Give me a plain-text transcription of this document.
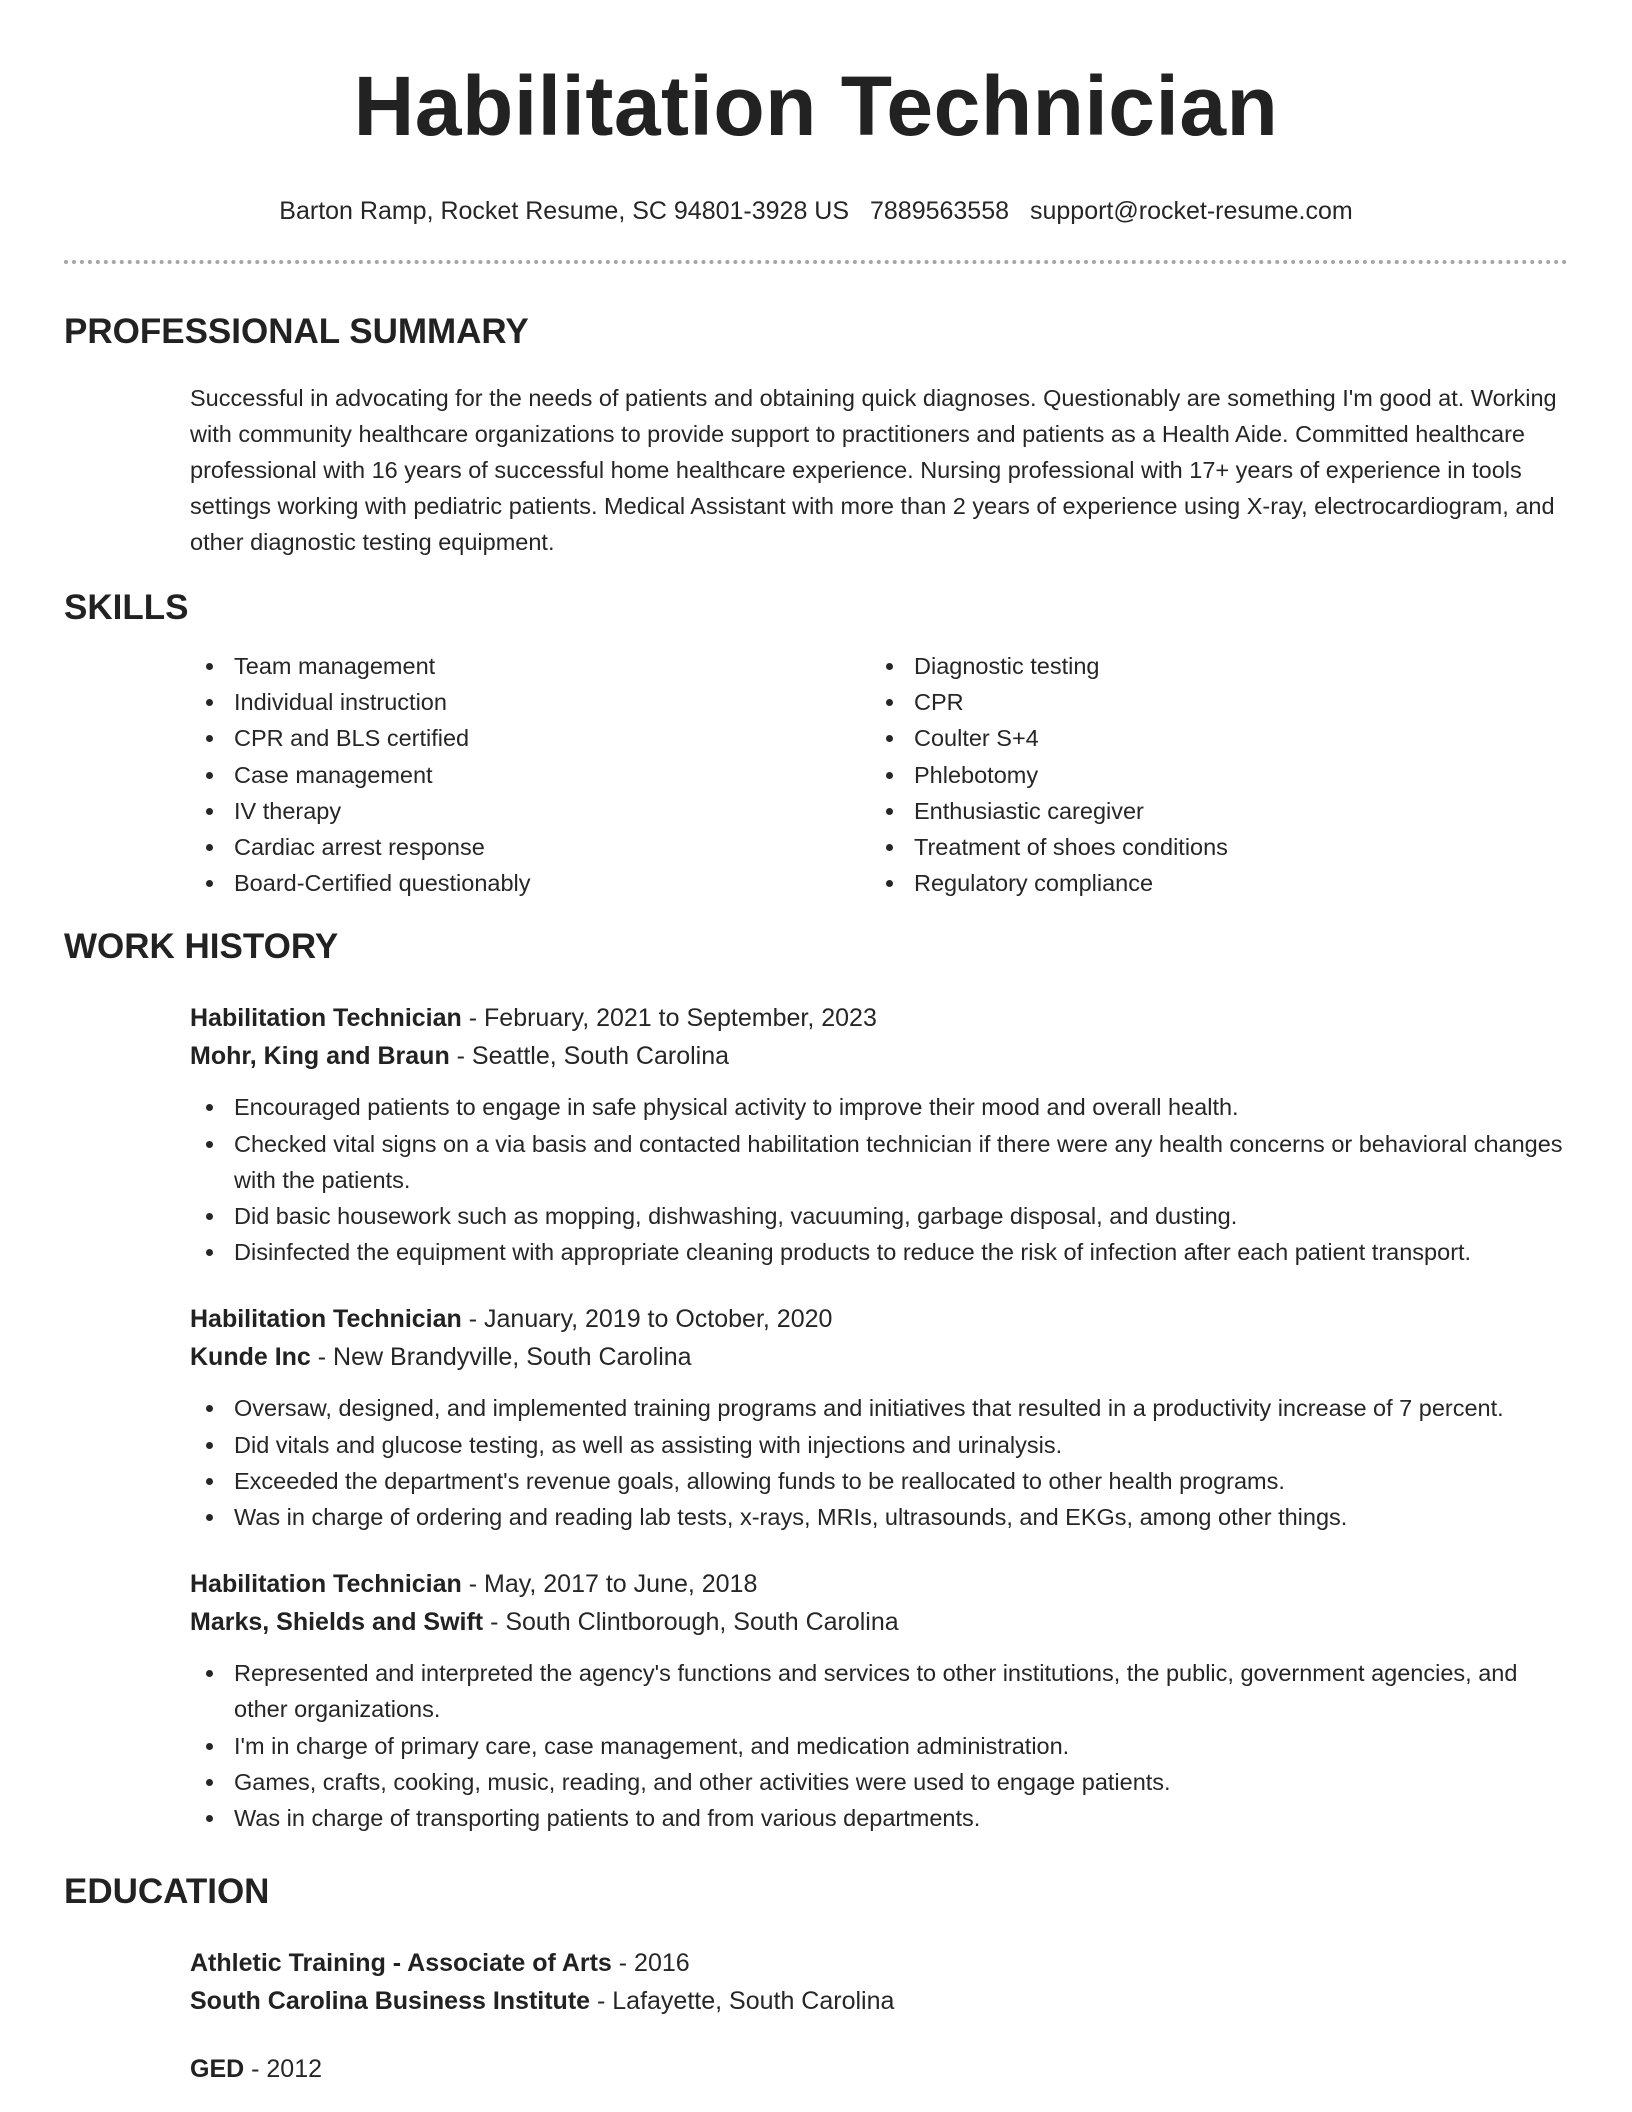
Habilitation Technician
Barton Ramp, Rocket Resume, SC 94801-3928 US 7889563558 support@rocket-resume.com
PROFESSIONAL SUMMARY

Successful in advocating for the needs of patients and obtaining quick diagnoses. Questionably are something I'm good at. Working with community healthcare organizations to provide support to practitioners and patients as a Health Aide. Committed healthcare professional with 16 years of successful home healthcare experience. Nursing professional with 17+ years of experience in tools settings working with pediatric patients. Medical Assistant with more than 2 years of experience using X-ray, electrocardiogram, and other diagnostic testing equipment.

SKILLS
Team management
Individual instruction
CPR and BLS certified
Case management
IV therapy
Cardiac arrest response
Board-Certified questionably
Diagnostic testing
CPR
Coulter S+4
Phlebotomy
Enthusiastic caregiver
Treatment of shoes conditions
Regulatory compliance
WORK HISTORY
Habilitation Technician - February, 2021 to September, 2023
Mohr, King and Braun - Seattle, South Carolina
Encouraged patients to engage in safe physical activity to improve their mood and overall health.
Checked vital signs on a via basis and contacted habilitation technician if there were any health concerns or behavioral changes with the patients.
Did basic housework such as mopping, dishwashing, vacuuming, garbage disposal, and dusting.
Disinfected the equipment with appropriate cleaning products to reduce the risk of infection after each patient transport.
Habilitation Technician - January, 2019 to October, 2020
Kunde Inc - New Brandyville, South Carolina
Oversaw, designed, and implemented training programs and initiatives that resulted in a productivity increase of 7 percent.
Did vitals and glucose testing, as well as assisting with injections and urinalysis.
Exceeded the department's revenue goals, allowing funds to be reallocated to other health programs.
Was in charge of ordering and reading lab tests, x-rays, MRIs, ultrasounds, and EKGs, among other things.
Habilitation Technician - May, 2017 to June, 2018
Marks, Shields and Swift - South Clintborough, South Carolina
Represented and interpreted the agency's functions and services to other institutions, the public, government agencies, and other organizations.
I'm in charge of primary care, case management, and medication administration.
Games, crafts, cooking, music, reading, and other activities were used to engage patients.
Was in charge of transporting patients to and from various departments.
EDUCATION
Athletic Training - Associate of Arts - 2016
South Carolina Business Institute - Lafayette, South Carolina
GED - 2012
